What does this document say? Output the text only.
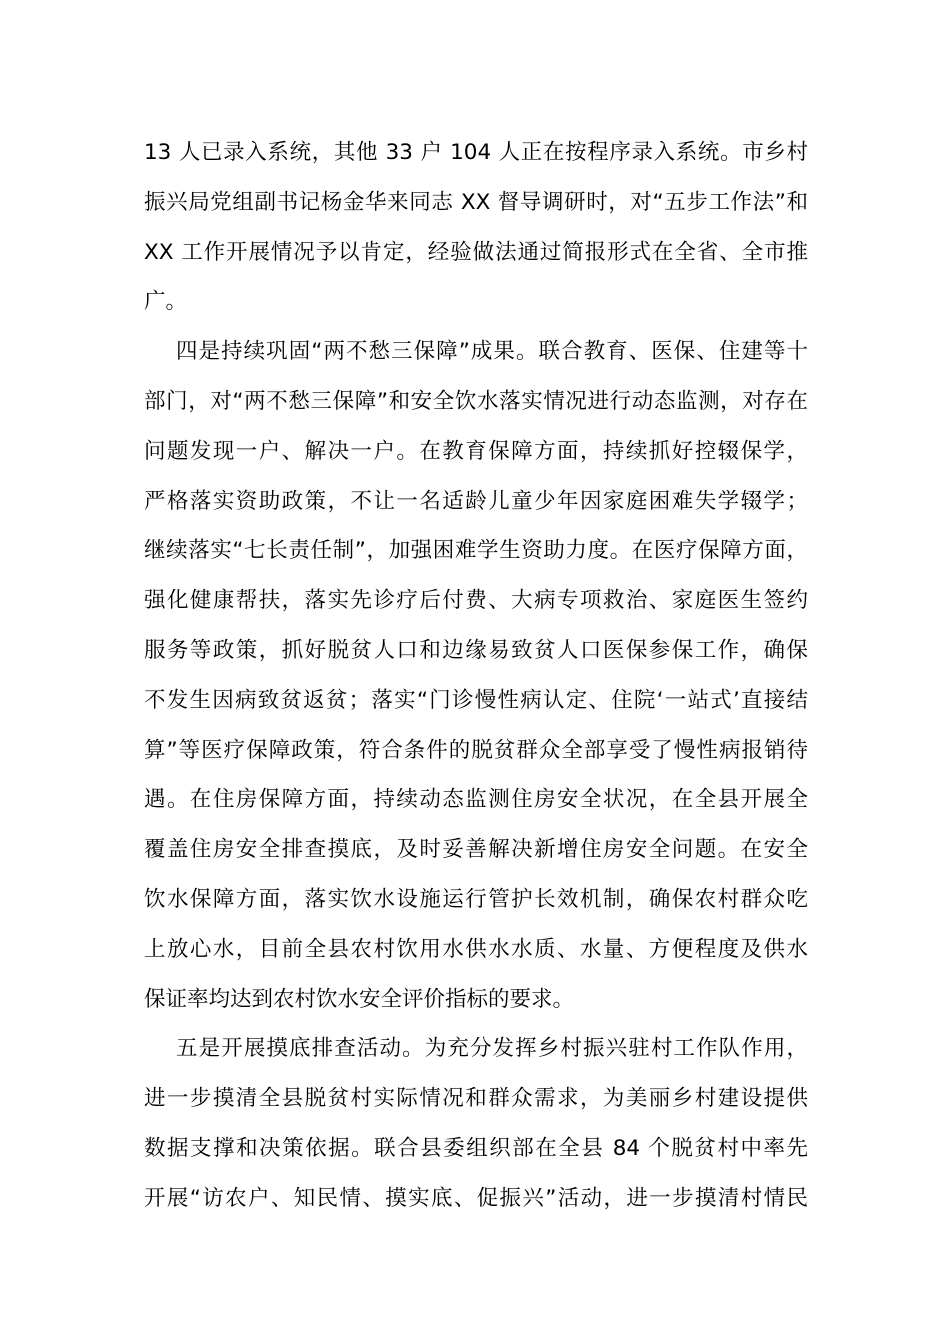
13 人已录入系统，其他 33 户 104 人正在按程序录入系统。市乡村
振兴局党组副书记杨金华来同志 XX 督导调研时，对“五步工作法”和
XX 工作开展情况予以肯定，经验做法通过简报形式在全省、全市推
广。
四是持续巩固“两不愁三保障”成果。联合教育、医保、住建等十
部门，对“两不愁三保障”和安全饮水落实情况进行动态监测，对存在
问题发现一户、解决一户。在教育保障方面，持续抓好控辍保学，
严格落实资助政策，不让一名适龄儿童少年因家庭困难失学辍学；
继续落实“七长责任制”，加强困难学生资助力度。在医疗保障方面，
强化健康帮扶，落实先诊疗后付费、大病专项救治、家庭医生签约
服务等政策，抓好脱贫人口和边缘易致贫人口医保参保工作，确保
不发生因病致贫返贫；落实“门诊慢性病认定、住院‘一站式’直接结
算”等医疗保障政策，符合条件的脱贫群众全部享受了慢性病报销待
遇。在住房保障方面，持续动态监测住房安全状况，在全县开展全
覆盖住房安全排查摸底，及时妥善解决新增住房安全问题。在安全
饮水保障方面，落实饮水设施运行管护长效机制，确保农村群众吃
上放心水，目前全县农村饮用水供水水质、水量、方便程度及供水
保证率均达到农村饮水安全评价指标的要求。
五是开展摸底排查活动。为充分发挥乡村振兴驻村工作队作用，
进一步摸清全县脱贫村实际情况和群众需求，为美丽乡村建设提供
数据支撑和决策依据。联合县委组织部在全县 84 个脱贫村中率先
开展“访农户、知民情、摸实底、促振兴”活动，进一步摸清村情民
